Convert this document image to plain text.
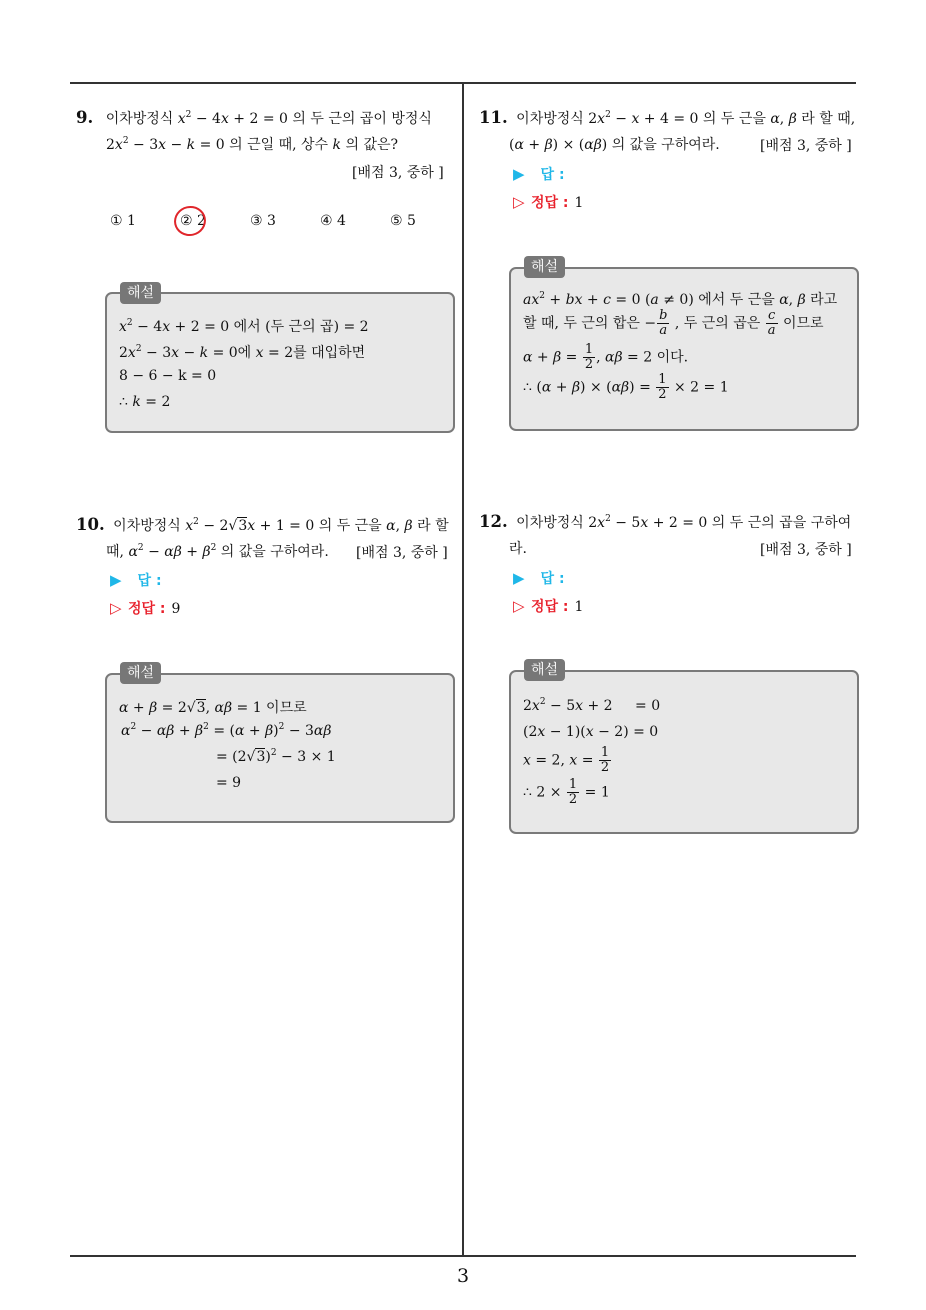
3
9. 이차방정식 $x^2 - 4x + 2 = 0$ 의 두 근의 곱이 방정식
$2x^2 - 3x - k = 0$ 의 근일 때, 상수 k 의 값은?
[배점 3, 중하 ]
① 1	② 2	③ 3	④ 4	⑤ 5
해설
$x^2 - 4x + 2 = 0$ 에서 (두 근의 곱) = 2
$2x^2 - 3x - k = 0$에 x = 2를 대입하면
8 − 6 − k = 0
∴ k = 2
10. 이차방정식 $x^2 - 2√3x + 1 = 0$ 의 두 근을 α, β 라 할
때, $\alpha^2 - \alpha\beta + \beta^2$ 의 값을 구하여라. [배점 3, 중하 ]
▶ 답 :
▷ 정답 : 9
해설
α + β = 2√3, αβ = 1 이므로
$\alpha^2 - \alpha\beta + \beta^2 = (\alpha + \beta)^2 - 3\alpha\beta$
= $(2√3)^2 - 3 \times 1$
= 9
11. 이차방정식 $2x^2 - x + 4 = 0$ 의 두 근을 α, β 라 할 때,
(α + β) × (αβ) 의 값을 구하여라.	[배점 3, 중하 ]
▶ 답 :
▷ 정답 : 1
해설
$ax^2$ + bx + c = 0 (a ≠ 0) 에서 두 근을 α, β 라고
할 때, 두 근의 합은 − $\frac{b}{a}$ , 두 근의 곱은 $\frac{c}{a}$ 이므로
$\alpha + \beta = \frac{1}{2}$ , αβ = 2 이다.
∴ $(\alpha + \beta) \times (\alpha\beta) = \frac{1}{2} \times 2 = 1$
12. 이차방정식 $2x^2 - 5x + 2 = 0$ 의 두 근의 곱을 구하여
라.	[배점 3, 중하 ]
▶ 답 :
▷ 정답 : 1
해설
$2x^2 - 5x + 2 = 0$
(2x − 1)(x − 2) = 0
x = 2, $x = \frac{1}{2}$
∴ $2 \times \frac{1}{2} = 1$
